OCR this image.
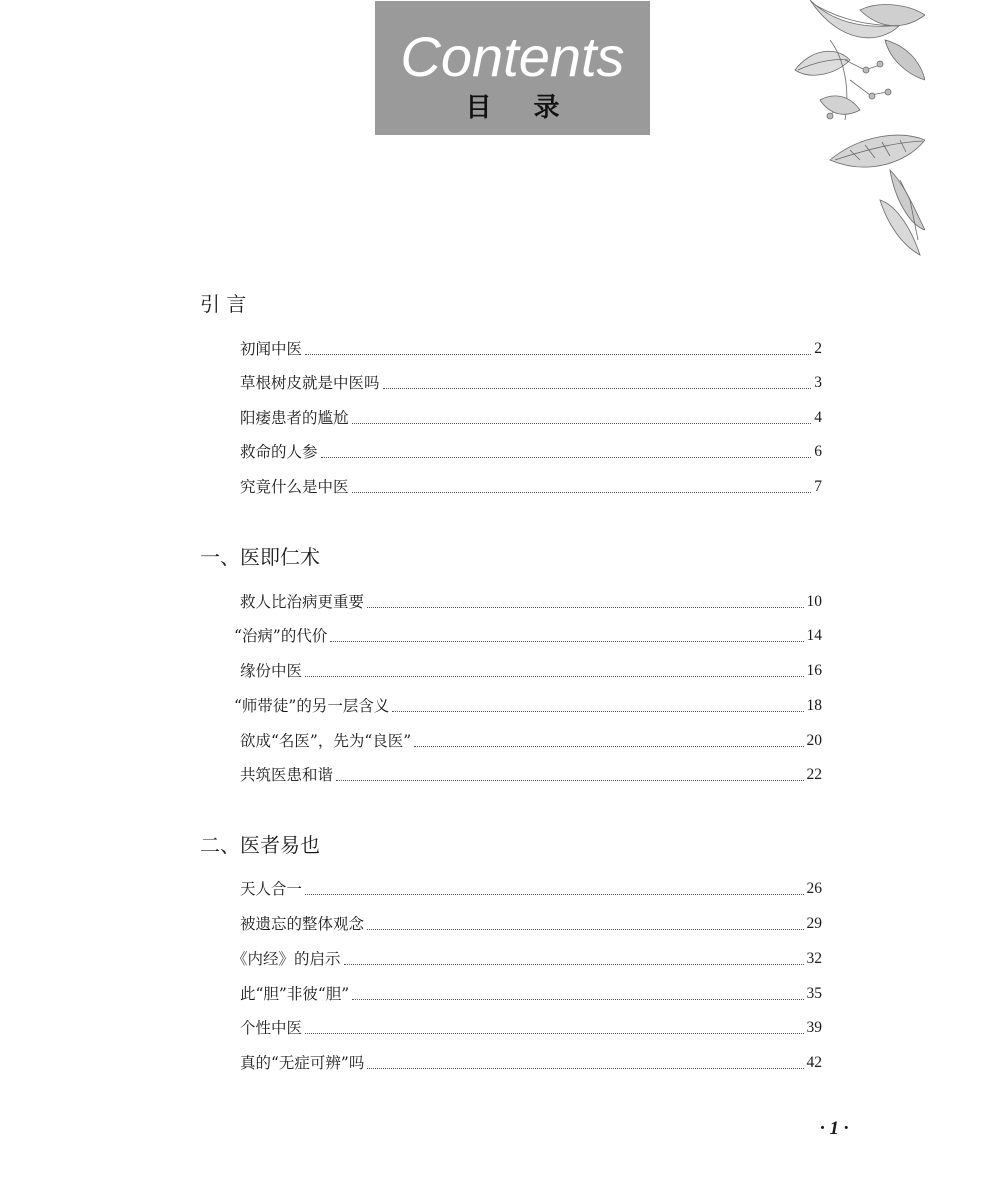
Contents
目录
引 言
初闻中医	2
草根树皮就是中医吗	3
阳痿患者的尴尬	4
救命的人参	6
究竟什么是中医	7
一、医即仁术
救人比治病更重要	10
“治病”的代价	14
缘份中医	16
“师带徒”的另一层含义	18
欲成“名医”，先为“良医”	20
共筑医患和谐	22
二、医者易也
天人合一	26
被遗忘的整体观念	29
《内经》的启示	32
此“胆”非彼“胆”	35
个性中医	39
真的“无症可辨”吗	42
· 1 ·
